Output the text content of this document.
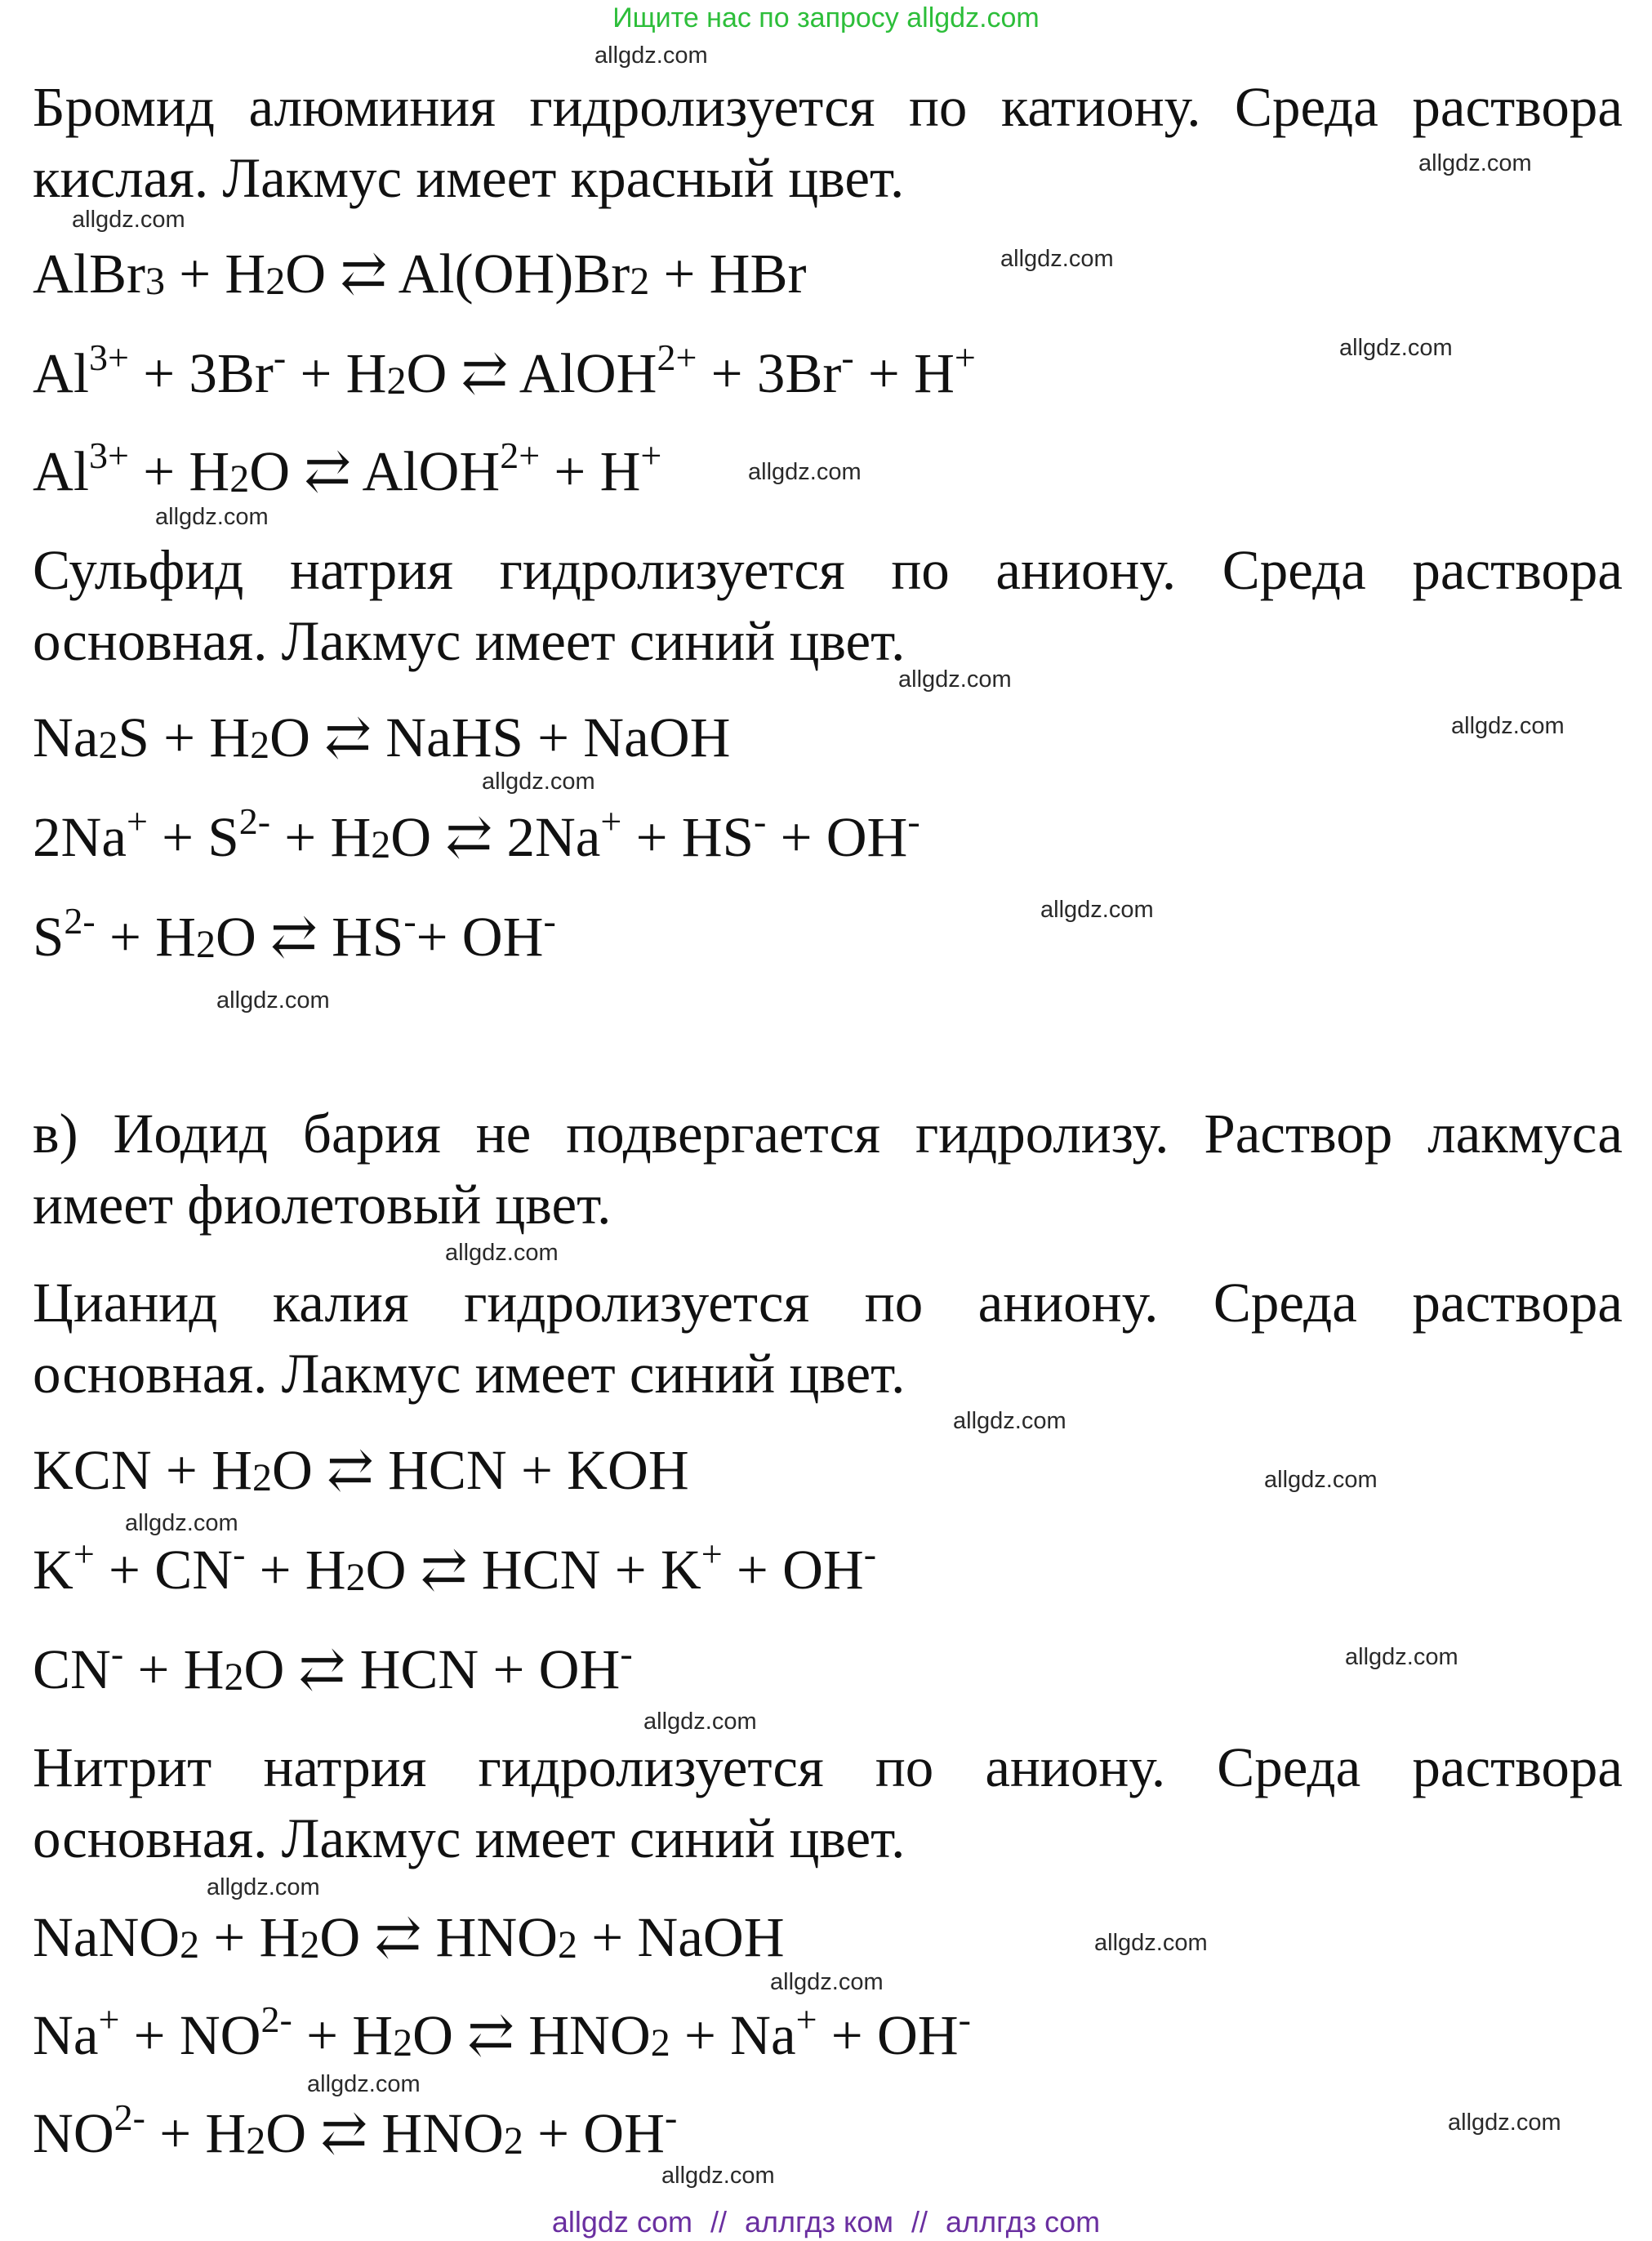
Ищите нас по запросу allgdz.com
allgdz.com
allgdz.com
allgdz.com
allgdz.com
allgdz.com
allgdz.com
allgdz.com
allgdz.com
allgdz.com
allgdz.com
allgdz.com
allgdz.com
allgdz.com
allgdz.com
allgdz.com
allgdz.com
allgdz.com
allgdz.com
allgdz.com
allgdz.com
allgdz.com
allgdz.com
allgdz.com
allgdz.com

Бромид алюминия гидролизуется по катиону. Среда раствора кислая. Лакмус имеет красный цвет.

Сульфид натрия гидролизуется по аниону. Среда раствора основная. Лакмус имеет синий цвет.

в) Иодид бария не подвергается гидролизу. Раствор лакмуса имеет фиолетовый цвет.

Цианид калия гидролизуется по аниону. Среда раствора основная. Лакмус имеет синий цвет.

Нитрит натрия гидролизуется по аниону. Среда раствора основная. Лакмус имеет синий цвет.

AlBr$_3$ + $H_2O$ ⇄ $Al(OH)Br_2$ + HBr
$Al^{3+} + 3Br^- + H_2O$ ⇄ AlOH$^{2+}$ + 3Br- + H+
$Al^{3+} + H_2O$ ⇄ AlOH$^{2+}$ + H+
$Na_2S + H_2O$ ⇄ NaHS + NaOH
$2Na^+ + S^{2-} + H_2O$ ⇄ 2Na+ + HS- + OH-
$S^{2-} + H_2O$ ⇄ HS-+ OH-
KCN + $H_2O$ ⇄ HCN + KOH
$K^+ + CN^- + H_2O$ ⇄ HCN + K+ + OH-
$CN^- + H_2O$ ⇄ HCN + OH-
NaNO$_2$ + $H_2O$ ⇄ $HNO_2$ + NaOH
$Na^+ + NO^{2-} + H_2O$ ⇄ $HNO_2 + Na^+ + OH^-$
$NO^{2-} + H_2O$ ⇄ $HNO_2 + OH^-$
allgdz com // аллгдз ком // аллгдз com
